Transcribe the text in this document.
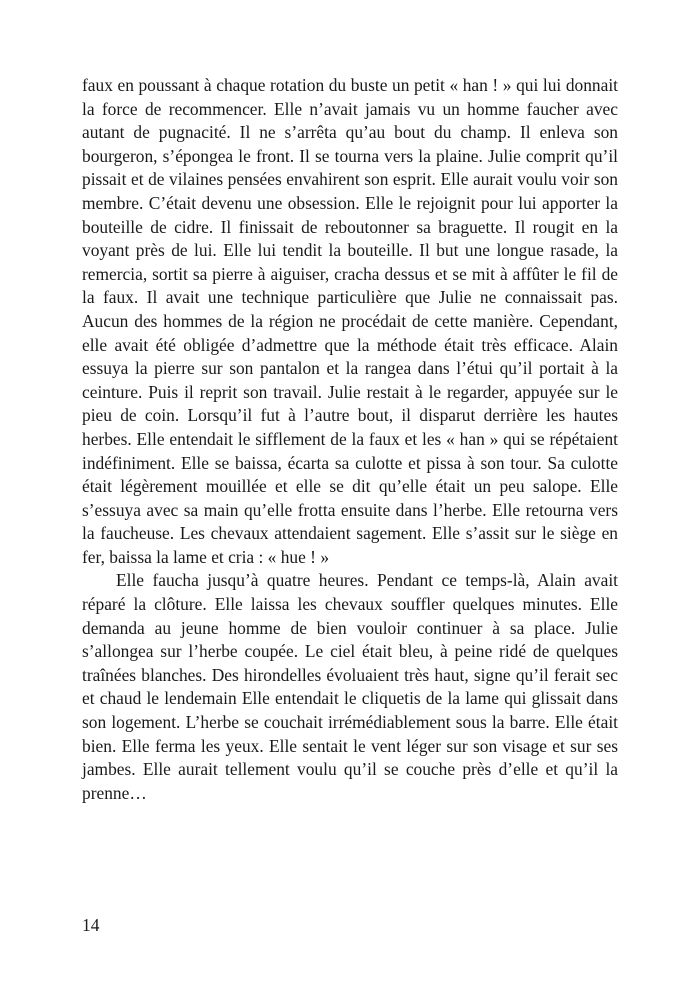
faux en poussant à chaque rotation du buste un petit « han ! » qui lui donnait la force de recommencer. Elle n’avait jamais vu un homme faucher avec autant de pugnacité. Il ne s’arrêta qu’au bout du champ. Il enleva son bourgeron, s’épongea le front. Il se tourna vers la plaine. Julie comprit qu’il pissait et de vilaines pensées envahirent son esprit. Elle aurait voulu voir son membre. C’était devenu une obsession. Elle le rejoignit pour lui apporter la bouteille de cidre. Il finissait de reboutonner sa braguette. Il rougit en la voyant près de lui. Elle lui tendit la bouteille. Il but une longue rasade, la remercia, sortit sa pierre à aiguiser, cracha dessus et se mit à affûter le fil de la faux. Il avait une technique particulière que Julie ne connaissait pas. Aucun des hommes de la région ne procédait de cette manière. Cependant, elle avait été obligée d’admettre que la méthode était très efficace. Alain essuya la pierre sur son pantalon et la rangea dans l’étui qu’il portait à la ceinture. Puis il reprit son travail. Julie restait à le regarder, appuyée sur le pieu de coin. Lorsqu’il fut à l’autre bout, il disparut derrière les hautes herbes. Elle entendait le sifflement de la faux et les « han » qui se répétaient indéfiniment. Elle se baissa, écarta sa culotte et pissa à son tour. Sa culotte était légèrement mouillée et elle se dit qu’elle était un peu salope. Elle s’essuya avec sa main qu’elle frotta ensuite dans l’herbe. Elle retourna vers la faucheuse. Les chevaux attendaient sagement. Elle s’assit sur le siège en fer, baissa la lame et cria : « hue ! »

Elle faucha jusqu’à quatre heures. Pendant ce temps-là, Alain avait réparé la clôture. Elle laissa les chevaux souffler quelques minutes. Elle demanda au jeune homme de bien vouloir continuer à sa place. Julie s’allongea sur l’herbe coupée. Le ciel était bleu, à peine ridé de quelques traînées blanches. Des hirondelles évoluaient très haut, signe qu’il ferait sec et chaud le lendemain Elle entendait le cliquetis de la lame qui glissait dans son logement. L’herbe se couchait irrémédiablement sous la barre. Elle était bien. Elle ferma les yeux. Elle sentait le vent léger sur son visage et sur ses jambes. Elle aurait tellement voulu qu’il se couche près d’elle et qu’il la prenne…

14
